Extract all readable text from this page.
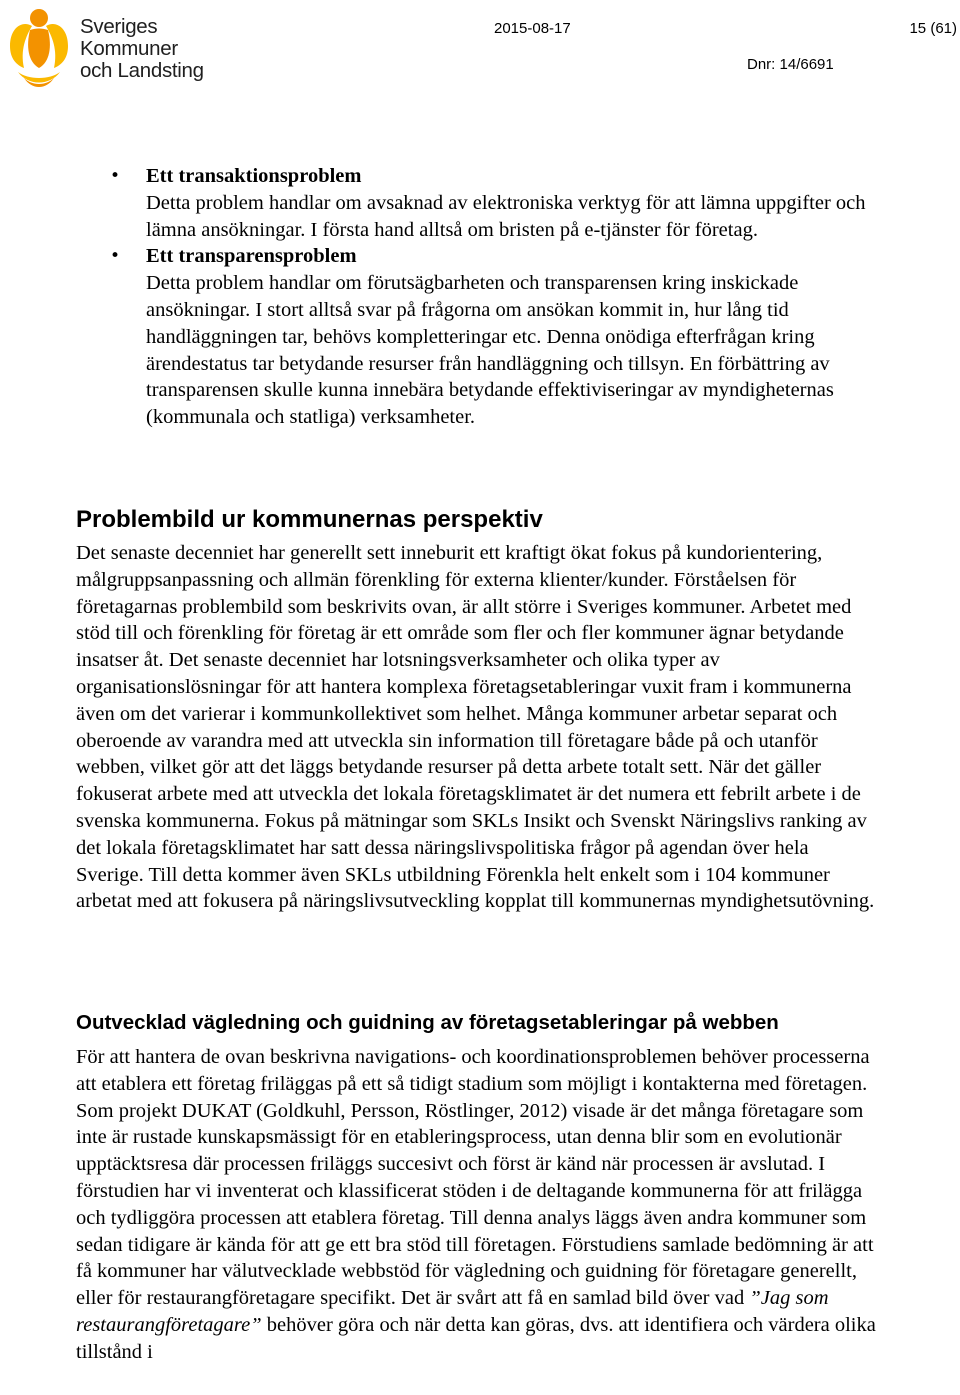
Sveriges
Kommuner
och Landsting
2015-08-17	15 (61)
Dnr: 14/6691

• Ett transaktionsproblem
Detta problem handlar om avsaknad av elektroniska verktyg för att lämna uppgifter och lämna ansökningar. I första hand alltså om bristen på e-tjänster för företag.

• Ett transparensproblem
Detta problem handlar om förutsägbarheten och transparensen kring inskickade ansökningar. I stort alltså svar på frågorna om ansökan kommit in, hur lång tid handläggningen tar, behövs kompletteringar etc. Denna onödiga efterfrågan kring ärendestatus tar betydande resurser från handläggning och tillsyn. En förbättring av transparensen skulle kunna innebära betydande effektiviseringar av myndigheternas (kommunala och statliga) verksamheter.

Problembild ur kommunernas perspektiv

Det senaste decenniet har generellt sett inneburit ett kraftigt ökat fokus på kundorientering, målgruppsanpassning och allmän förenkling för externa klienter/kunder. Förståelsen för företagarnas problembild som beskrivits ovan, är allt större i Sveriges kommuner. Arbetet med stöd till och förenkling för företag är ett område som fler och fler kommuner ägnar betydande insatser åt. Det senaste decenniet har lotsningsverksamheter och olika typer av organisationslösningar för att hantera komplexa företagsetableringar vuxit fram i kommunerna även om det varierar i kommunkollektivet som helhet. Många kommuner arbetar separat och oberoende av varandra med att utveckla sin information till företagare både på och utanför webben, vilket gör att det läggs betydande resurser på detta arbete totalt sett. När det gäller fokuserat arbete med att utveckla det lokala företagsklimatet är det numera ett febrilt arbete i de svenska kommunerna. Fokus på mätningar som SKLs Insikt och Svenskt Näringslivs ranking av det lokala företagsklimatet har satt dessa näringslivspolitiska frågor på agendan över hela Sverige. Till detta kommer även SKLs utbildning Förenkla helt enkelt som i 104 kommuner arbetat med att fokusera på näringslivsutveckling kopplat till kommunernas myndighetsutövning.

Outvecklad vägledning och guidning av företagsetableringar på webben

För att hantera de ovan beskrivna navigations- och koordinationsproblemen behöver processerna att etablera ett företag friläggas på ett så tidigt stadium som möjligt i kontakterna med företagen. Som projekt DUKAT (Goldkuhl, Persson, Röstlinger, 2012) visade är det många företagare som inte är rustade kunskapsmässigt för en etableringsprocess, utan denna blir som en evolutionär upptäcktsresa där processen friläggs succesivt och först är känd när processen är avslutad. I förstudien har vi inventerat och klassificerat stöden i de deltagande kommunerna för att frilägga och tydliggöra processen att etablera företag. Till denna analys läggs även andra kommuner som sedan tidigare är kända för att ge ett bra stöd till företagen. Förstudiens samlade bedömning är att få kommuner har välutvecklade webbstöd för vägledning och guidning för företagare generellt, eller för restaurangföretagare specifikt. Det är svårt att få en samlad bild över vad ”Jag som restaurangföretagare” behöver göra och när detta kan göras, dvs. att identifiera och värdera olika tillstånd i
